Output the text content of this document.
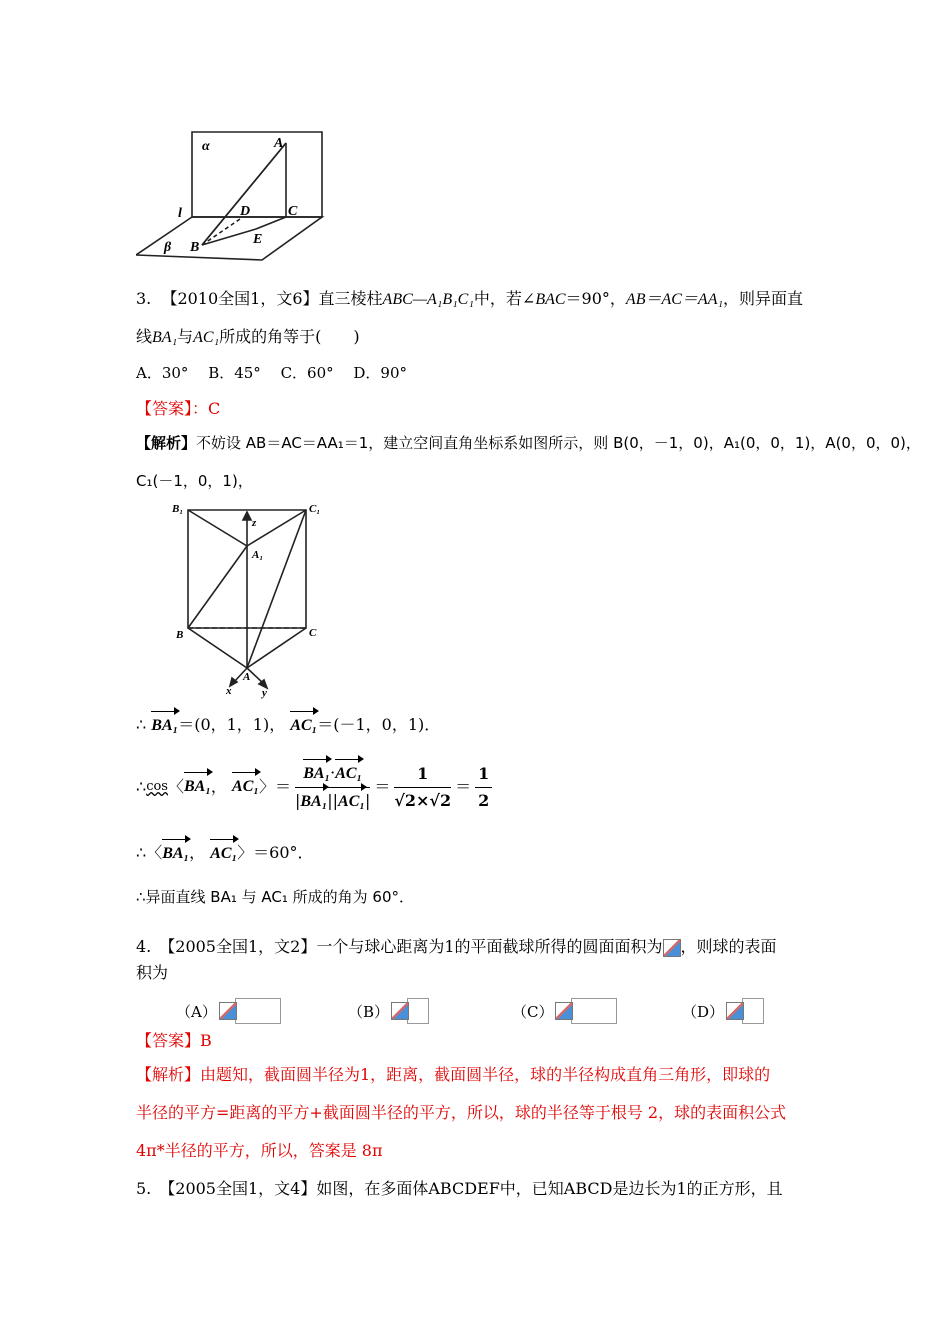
α	A
l	D	C
β B
E
3. 【2010全国1，文6】直三棱柱ABC—A₁B₁C₁中，若∠BAC＝90°，AB＝AC＝AA₁，则异面直
线BA₁与AC₁所成的角等于(　　)
A．30°　 B．45°　 C．60°　 D．90°
【答案】：C
【解析】不妨设 AB＝AC＝AA₁＝1，建立空间直角坐标系如图所示，则 B(0，－1，0)，A₁(0，0，1)，A(0，0，0)，
C₁(－1，0，1)，
B₁	C₁
z
A₁
B	C
A
x	y
∴ BA₁＝(0，1，1)， AC₁＝(－1，0，1)．
∴ cos 〈 BA₁ ，
AC₁ 〉＝ $\frac{\text{BA₁·AC₁}}{\text{|BA₁||AC₁|}} = \frac{1}{√2\times√2} = \frac{1}{2}$
∴〈BA₁， AC₁〉＝60°．
∴异面直线 BA₁ 与 AC₁ 所成的角为 60°．
4.　【2005全国1，文2】一个与球心距离为1的平面截球所得的圆面面积为 ，则球的表面
积为
（A）	（B）	（C）	（D）
【答案】B
【解析】由题知，截面圆半径为1，距离，截面圆半径，球的半径构成直角三角形，即球的
半径的平方=距离的平方+截面圆半径的平方，所以，球的半径等于根号 2，球的表面积公式
4π*半径的平方，所以，答案是 8π
5.　【2005全国1，文4】如图，在多面体ABCDEF中，已知ABCD是边长为1的正方形，且
